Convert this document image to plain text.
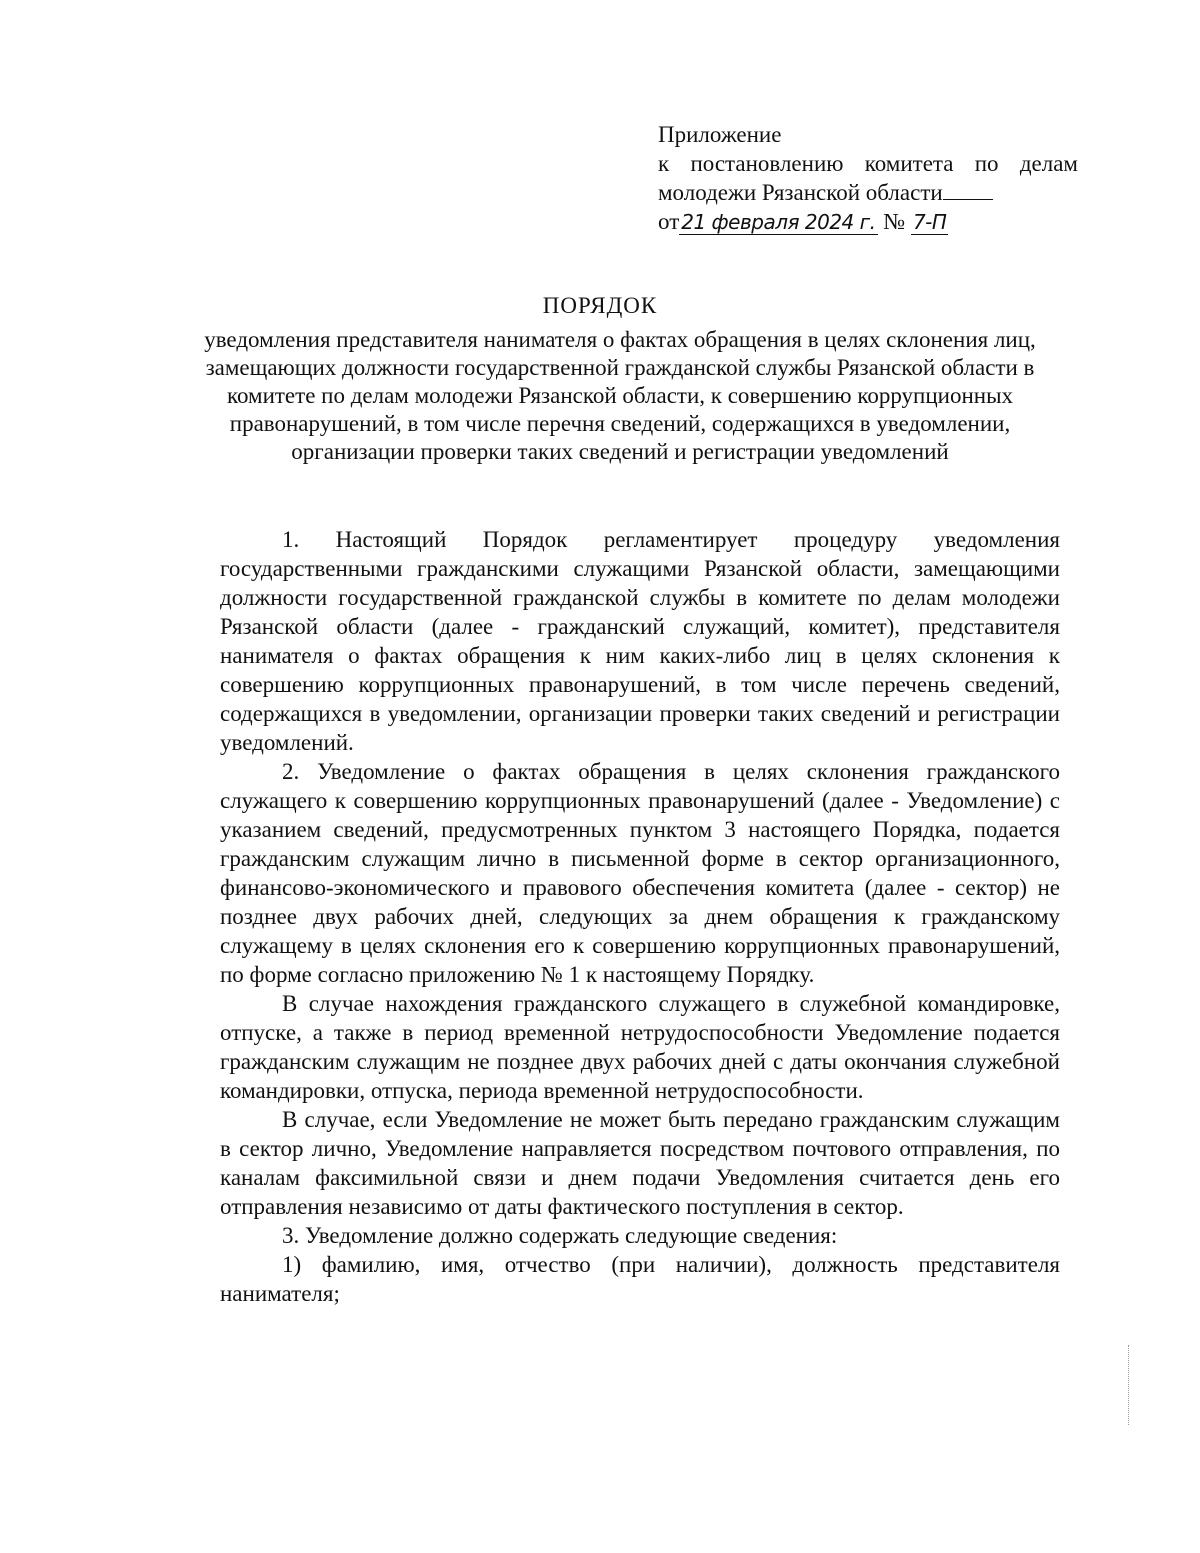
Приложение
к постановлению комитета по делам
молодежи Рязанской области
от 21 февраля 2024 г. № 7-П
ПОРЯДОК
уведомления представителя нанимателя о фактах обращения в целях склонения лиц, замещающих должности государственной гражданской службы Рязанской области в комитете по делам молодежи Рязанской области, к совершению коррупционных правонарушений, в том числе перечня сведений, содержащихся в уведомлении, организации проверки таких сведений и регистрации уведомлений

1. Настоящий Порядок регламентирует процедуру уведомления государственными гражданскими служащими Рязанской области, замещающими должности государственной гражданской службы в комитете по делам молодежи Рязанской области (далее - гражданский служащий, комитет), представителя нанимателя о фактах обращения к ним каких-либо лиц в целях склонения к совершению коррупционных правонарушений, в том числе перечень сведений, содержащихся в уведомлении, организации проверки таких сведений и регистрации уведомлений.

2. Уведомление о фактах обращения в целях склонения гражданского служащего к совершению коррупционных правонарушений (далее - Уведомление) с указанием сведений, предусмотренных пунктом 3 настоящего Порядка, подается гражданским служащим лично в письменной форме в сектор организационного, финансово-экономического и правового обеспечения комитета (далее - сектор) не позднее двух рабочих дней, следующих за днем обращения к гражданскому служащему в целях склонения его к совершению коррупционных правонарушений, по форме согласно приложению № 1 к настоящему Порядку.

В случае нахождения гражданского служащего в служебной командировке, отпуске, а также в период временной нетрудоспособности Уведомление подается гражданским служащим не позднее двух рабочих дней с даты окончания служебной командировки, отпуска, периода временной нетрудоспособности.

В случае, если Уведомление не может быть передано гражданским служащим в сектор лично, Уведомление направляется посредством почтового отправления, по каналам факсимильной связи и днем подачи Уведомления считается день его отправления независимо от даты фактического поступления в сектор.

3. Уведомление должно содержать следующие сведения:

1) фамилию, имя, отчество (при наличии), должность представителя нанимателя;
